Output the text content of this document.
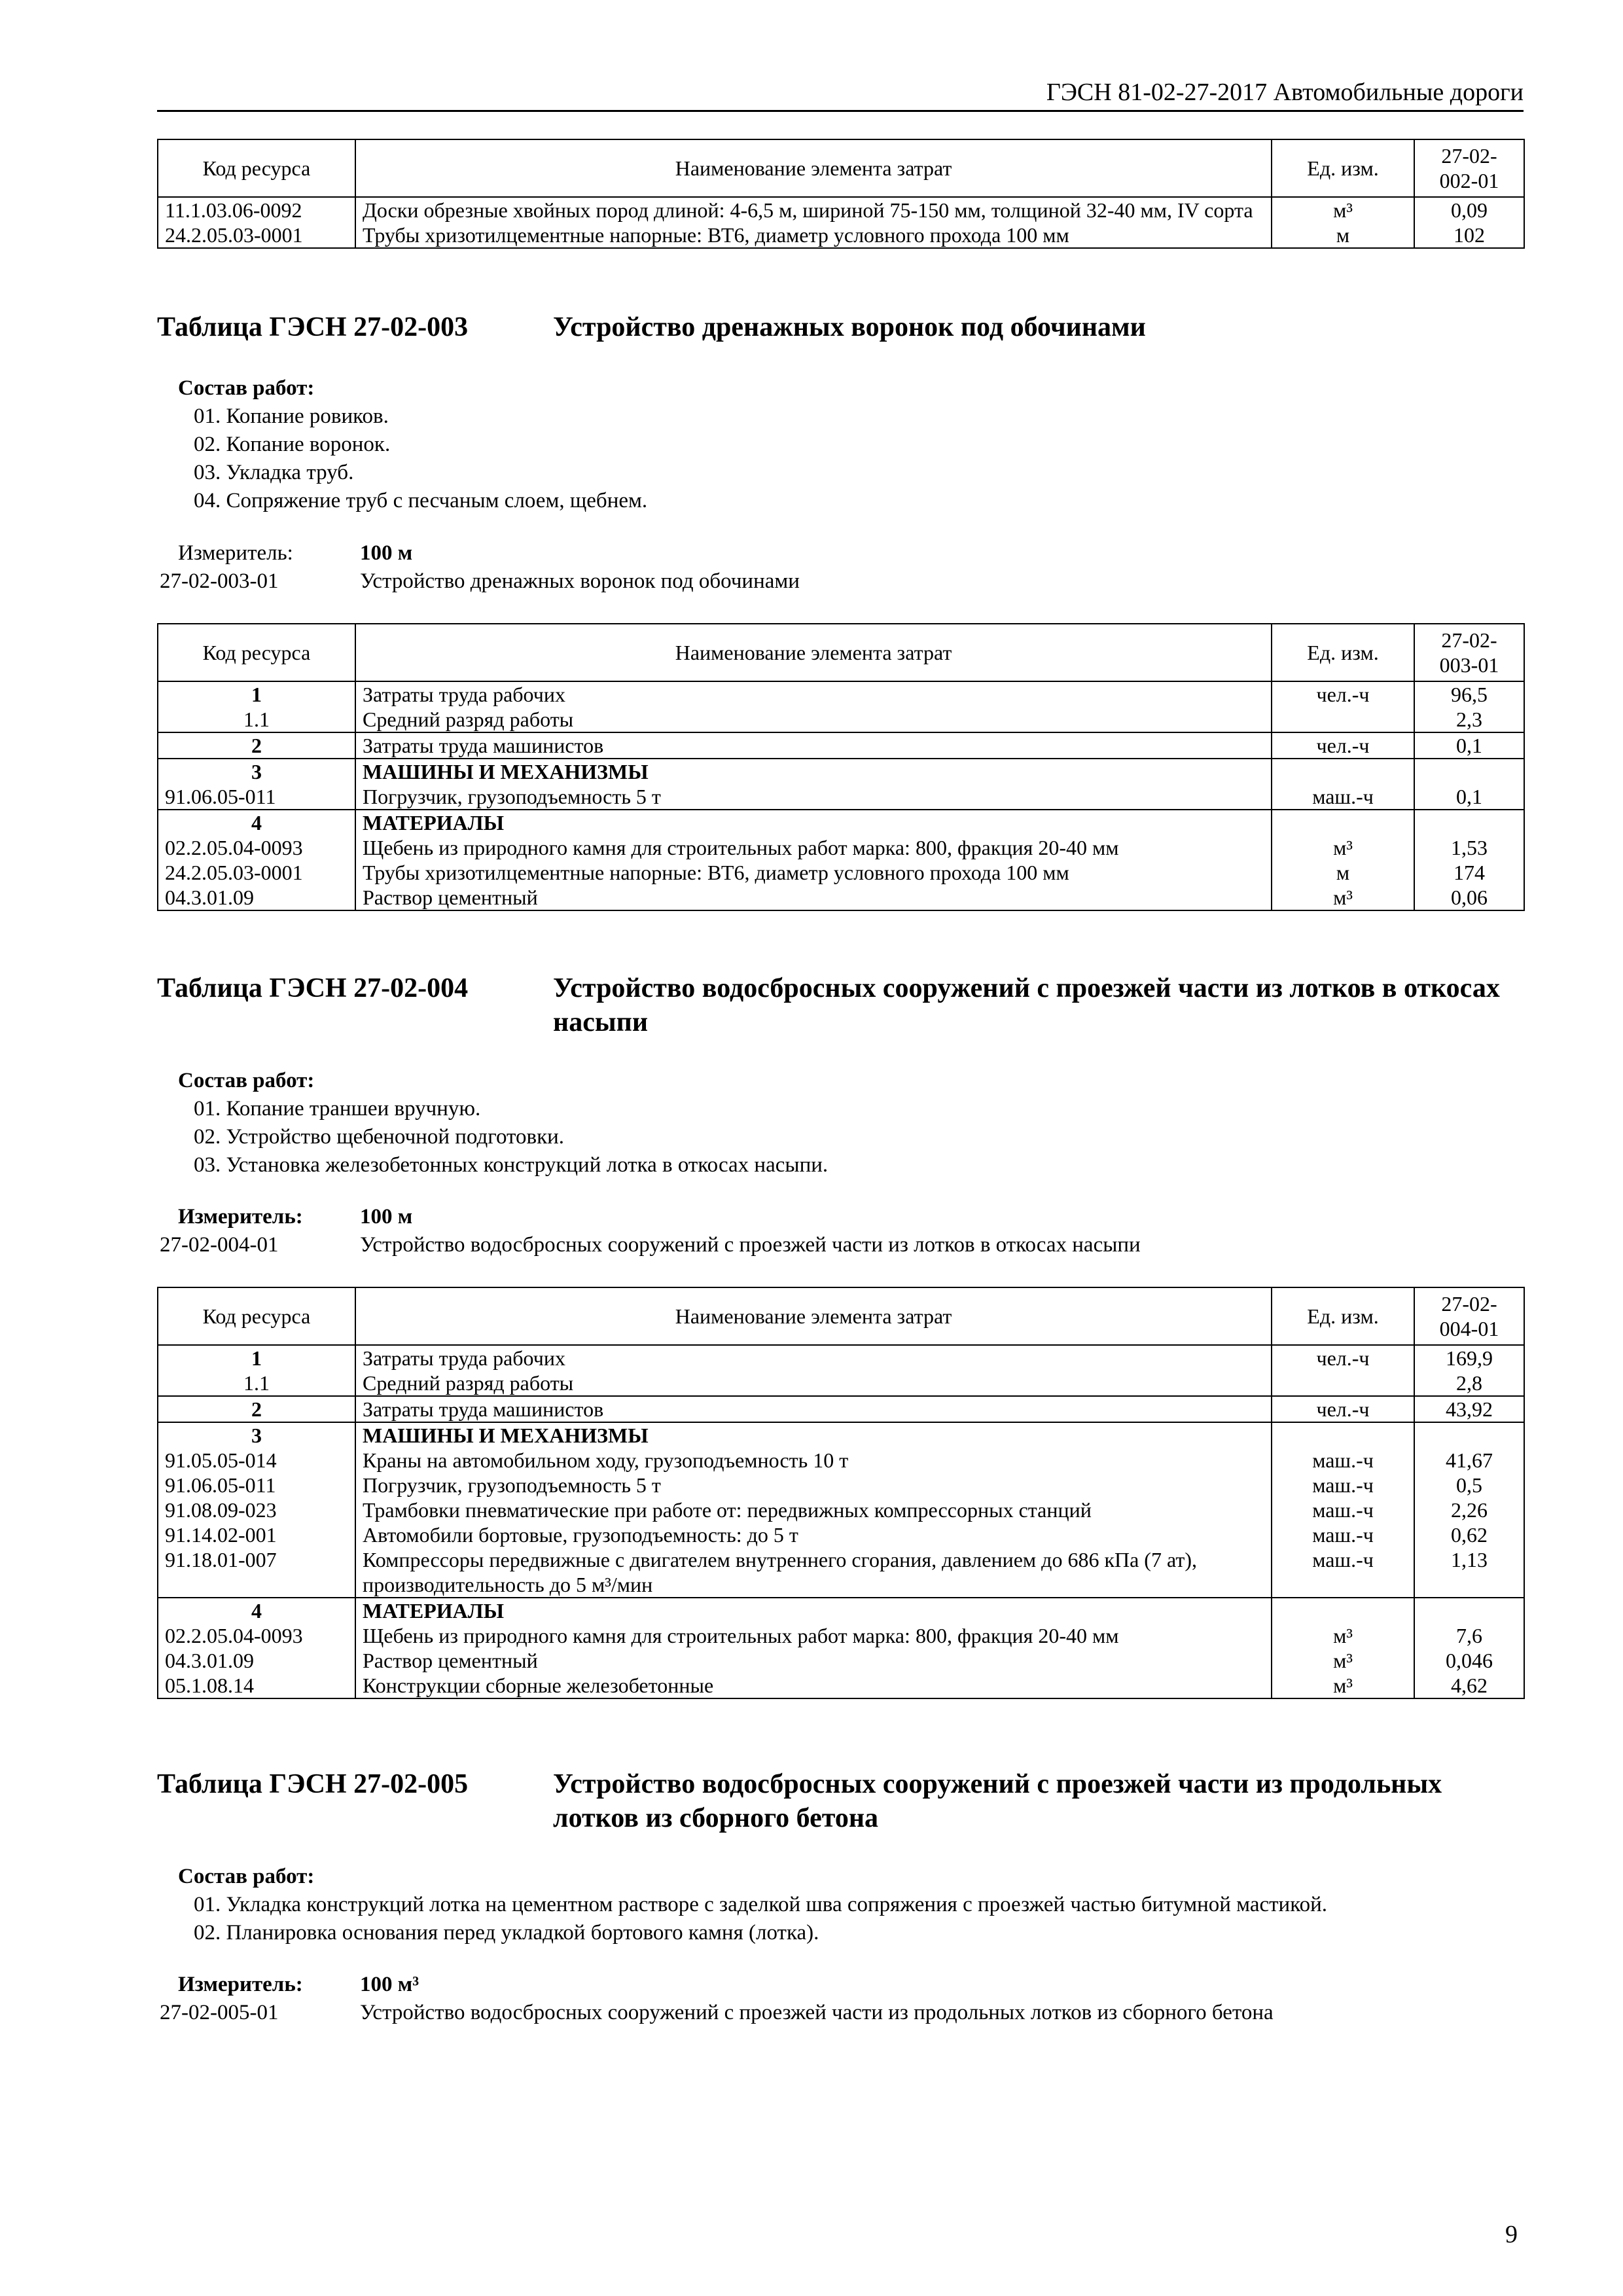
ГЭСН 81-02-27-2017 Автомобильные дороги
Код ресурса	Наименование элемента затрат	Ед. изм.	27-02-
002-01
11.1.03.06-0092	Доски обрезные хвойных пород длиной: 4-6,5 м, шириной 75-150 мм, толщиной 32-40 мм, IV сорта	м³	0,09
24.2.05.03-0001	Трубы хризотилцементные напорные: ВТ6, диаметр условного прохода 100 мм	м	102
Таблица ГЭСН 27-02-003	Устройство дренажных воронок под обочинами
Состав работ:
01. Копание ровиков.
02. Копание воронок.
03. Укладка труб.
04. Сопряжение труб с песчаным слоем, щебнем.
Измеритель:	100 м
27-02-003-01	Устройство дренажных воронок под обочинами
Код ресурса	Наименование элемента затрат	Ед. изм.	27-02-
003-01
1	Затраты труда рабочих	чел.-ч	96,5
1.1	Средний разряд работы		2,3
2	Затраты труда машинистов	чел.-ч	0,1
3	МАШИНЫ И МЕХАНИЗМЫ		
91.06.05-011	Погрузчик, грузоподъемность 5 т	маш.-ч	0,1
4	МАТЕРИАЛЫ		
02.2.05.04-0093	Щебень из природного камня для строительных работ марка: 800, фракция 20-40 мм	м³	1,53
24.2.05.03-0001	Трубы хризотилцементные напорные: ВТ6, диаметр условного прохода 100 мм	м	174
04.3.01.09	Раствор цементный	м³	0,06
Таблица ГЭСН 27-02-004	Устройство водосбросных сооружений с проезжей части из лотков в откосах насыпи
Состав работ:
01. Копание траншеи вручную.
02. Устройство щебеночной подготовки.
03. Установка железобетонных конструкций лотка в откосах насыпи.
Измеритель:	100 м
27-02-004-01	Устройство водосбросных сооружений с проезжей части из лотков в откосах насыпи
Код ресурса	Наименование элемента затрат	Ед. изм.	27-02-
004-01
1	Затраты труда рабочих	чел.-ч	169,9
1.1	Средний разряд работы		2,8
2	Затраты труда машинистов	чел.-ч	43,92
3	МАШИНЫ И МЕХАНИЗМЫ		
91.05.05-014	Краны на автомобильном ходу, грузоподъемность 10 т	маш.-ч	41,67
91.06.05-011	Погрузчик, грузоподъемность 5 т	маш.-ч	0,5
91.08.09-023	Трамбовки пневматические при работе от: передвижных компрессорных станций	маш.-ч	2,26
91.14.02-001	Автомобили бортовые, грузоподъемность: до 5 т	маш.-ч	0,62
91.18.01-007	Компрессоры передвижные с двигателем внутреннего сгорания, давлением до 686 кПа (7 ат), производительность до 5 м³/мин	маш.-ч	1,13
4	МАТЕРИАЛЫ		
02.2.05.04-0093	Щебень из природного камня для строительных работ марка: 800, фракция 20-40 мм	м³	7,6
04.3.01.09	Раствор цементный	м³	0,046
05.1.08.14	Конструкции сборные железобетонные	м³	4,62
Таблица ГЭСН 27-02-005	Устройство водосбросных сооружений с проезжей части из продольных лотков из сборного бетона
Состав работ:
01. Укладка конструкций лотка на цементном растворе с заделкой шва сопряжения с проезжей частью битумной мастикой.
02. Планировка основания перед укладкой бортового камня (лотка).
Измеритель:	100 м³
27-02-005-01	Устройство водосбросных сооружений с проезжей части из продольных лотков из сборного бетона
9
